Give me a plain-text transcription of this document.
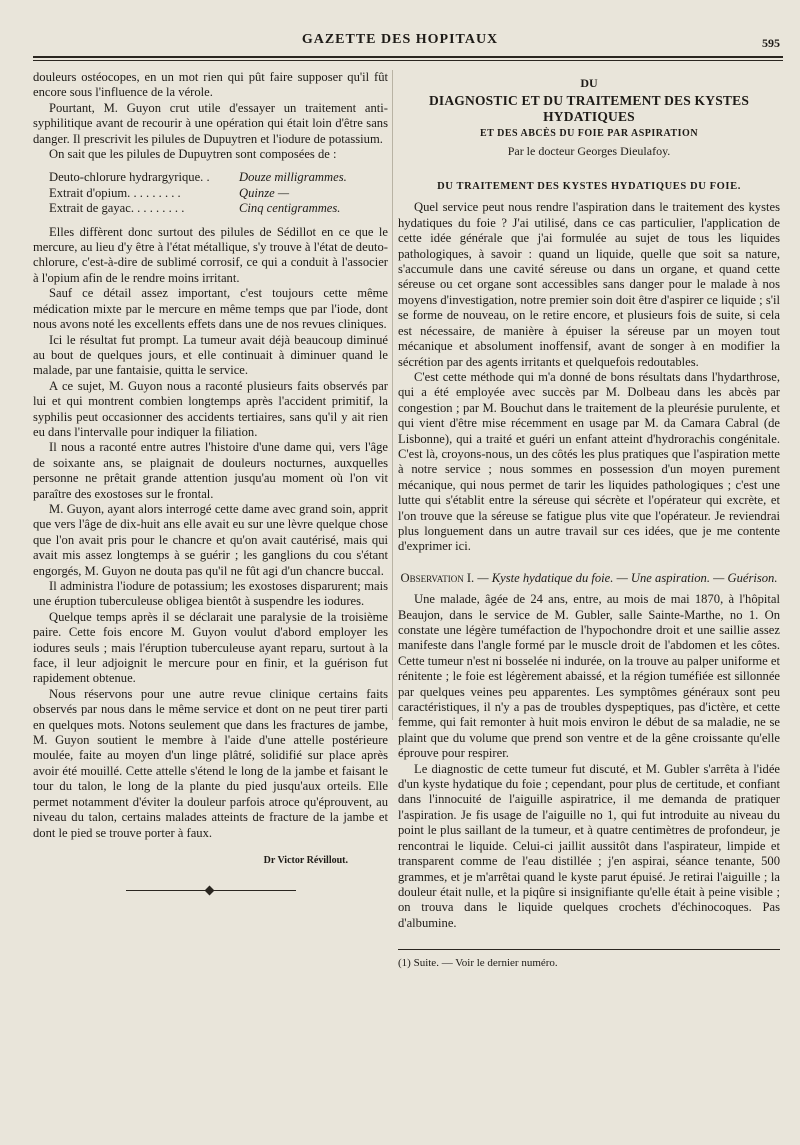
GAZETTE DES HOPITAUX	595

douleurs ostéocopes, en un mot rien qui pût faire supposer qu'il fût encore sous l'influence de la vérole.

Pourtant, M. Guyon crut utile d'essayer un traitement anti-syphilitique avant de recourir à une opération qui était loin d'être sans danger. Il prescrivit les pilules de Dupuytren et l'iodure de potassium.

On sait que les pilules de Dupuytren sont composées de :

Deuto-chlorure hydrargyrique. .	Douze milligrammes.
Extrait d'opium. . . . . . . . .	Quinze —
Extrait de gayac. . . . . . . . .	Cinq centigrammes.

Elles diffèrent donc surtout des pilules de Sédillot en ce que le mercure, au lieu d'y être à l'état métallique, s'y trouve à l'état de deuto-chlorure, c'est-à-dire de sublimé corrosif, ce qui a conduit à l'associer à l'opium afin de le rendre moins irritant.

Sauf ce détail assez important, c'est toujours cette même médication mixte par le mercure en même temps que par l'iode, dont nous avons noté les excellents effets dans une de nos revues cliniques.

Ici le résultat fut prompt. La tumeur avait déjà beaucoup diminué au bout de quelques jours, et elle continuait à diminuer quand le malade, par une fantaisie, quitta le service.

A ce sujet, M. Guyon nous a raconté plusieurs faits observés par lui et qui montrent combien longtemps après l'accident primitif, la syphilis peut occasionner des accidents tertiaires, sans qu'il y ait rien eu dans l'intervalle pour indiquer la filiation.

Il nous a raconté entre autres l'histoire d'une dame qui, vers l'âge de soixante ans, se plaignait de douleurs nocturnes, auxquelles personne ne prêtait grande attention jusqu'au moment où l'on vit paraître des exostoses sur le frontal.

M. Guyon, ayant alors interrogé cette dame avec grand soin, apprit que vers l'âge de dix-huit ans elle avait eu sur une lèvre quelque chose que l'on avait pris pour le chancre et qu'on avait cautérisé, mais qui avait mis assez longtemps à se guérir ; les ganglions du cou s'étant engorgés, M. Guyon ne douta pas qu'il ne fût agi d'un chancre buccal.

Il administra l'iodure de potassium; les exostoses disparurent; mais une éruption tuberculeuse obligea bientôt à suspendre les iodures.

Quelque temps après il se déclarait une paralysie de la troisième paire. Cette fois encore M. Guyon voulut d'abord employer les iodures seuls ; mais l'éruption tuberculeuse ayant reparu, surtout à la face, il leur adjoignit le mercure pour en finir, et la guérison fut rapidement obtenue.

Nous réservons pour une autre revue clinique certains faits observés par nous dans le même service et dont on ne peut tirer parti en quelques mots. Notons seulement que dans les fractures de jambe, M. Guyon soutient le membre à l'aide d'une attelle postérieure moulée, faite au moyen d'un linge plâtré, solidifié sur place après avoir été mouillé. Cette attelle s'étend le long de la jambe et faisant le tour du talon, le long de la plante du pied jusqu'aux orteils. Elle permet notamment d'éviter la douleur parfois atroce qu'éprouvent, au niveau du talon, certains malades atteints de fracture de la jambe et dont le pied se trouve porter à faux.

Dr Victor Révillout.
DU
DIAGNOSTIC ET DU TRAITEMENT DES KYSTES HYDATIQUES
ET DES ABCÈS DU FOIE PAR ASPIRATION
Par le docteur Georges Dieulafoy.
DU TRAITEMENT DES KYSTES HYDATIQUES DU FOIE.

Quel service peut nous rendre l'aspiration dans le traitement des kystes hydatiques du foie ? J'ai utilisé, dans ce cas particulier, l'application de cette idée générale que j'ai formulée au sujet de tous les liquides pathologiques, à savoir : quand un liquide, quelle que soit sa nature, s'accumule dans une cavité séreuse ou dans un organe, et quand cette séreuse ou cet organe sont accessibles sans danger pour le malade à nos moyens d'investigation, notre premier soin doit être d'aspirer ce liquide ; s'il se forme de nouveau, on le retire encore, et plusieurs fois de suite, si cela est nécessaire, de manière à épuiser la séreuse par un moyen tout mécanique et absolument inoffensif, avant de songer à en modifier la sécrétion par des agents irritants et quelquefois redoutables.

C'est cette méthode qui m'a donné de bons résultats dans l'hydarthrose, qui a été employée avec succès par M. Dolbeau dans les abcès par congestion ; par M. Bouchut dans le traitement de la pleurésie purulente, et qui vient d'être mise récemment en usage par M. da Camara Cabral (de Lisbonne), qui a traité et guéri un enfant atteint d'hydrorachis congénitale. C'est là, croyons-nous, un des côtés les plus pratiques que l'aspiration mette à notre service ; nous sommes en possession d'un moyen purement mécanique, qui nous permet de tarir les liquides pathologiques ; c'est une lutte qui s'établit entre la séreuse qui sécrète et l'opérateur qui excrète, et l'on trouve que la séreuse se fatigue plus vite que l'opérateur. Je reviendrai plus longuement dans un autre travail sur ces idées, que je me contente d'exprimer ici.

Observation I. — Kyste hydatique du foie. — Une aspiration. — Guérison.

Une malade, âgée de 24 ans, entre, au mois de mai 1870, à l'hôpital Beaujon, dans le service de M. Gubler, salle Sainte-Marthe, no 1. On constate une légère tuméfaction de l'hypochondre droit et une saillie assez manifeste dans l'angle formé par le muscle droit de l'abdomen et les côtes. Cette tumeur n'est ni bosselée ni indurée, on la trouve au palper uniforme et rénitente ; le foie est légèrement abaissé, et la région tuméfiée est sillonnée par quelques veines peu apparentes. Les symptômes généraux sont peu caractéristiques, il n'y a pas de troubles dyspeptiques, pas d'ictère, et cette femme, qui fait remonter à huit mois environ le début de sa maladie, ne se plaint que du volume que prend son ventre et de la gêne croissante qu'elle éprouve pour respirer.

Le diagnostic de cette tumeur fut discuté, et M. Gubler s'arrêta à l'idée d'un kyste hydatique du foie ; cependant, pour plus de certitude, et confiant dans l'innocuité de l'aiguille aspiratrice, il me demanda de pratiquer l'aspiration. Je fis usage de l'aiguille no 1, qui fut introduite au niveau du point le plus saillant de la tumeur, et à quatre centimètres de profondeur, je rencontrai le liquide. Celui-ci jaillit aussitôt dans l'aspirateur, limpide et transparent comme de l'eau distillée ; j'en aspirai, séance tenante, 500 grammes, et je m'arrêtai quand le kyste parut épuisé. Je retirai l'aiguille ; la douleur était nulle, et la piqûre si insignifiante qu'elle était à peine visible ; on trouva dans le liquide quelques crochets d'échinocoques. Pas d'albumine.

(1) Suite. — Voir le dernier numéro.
